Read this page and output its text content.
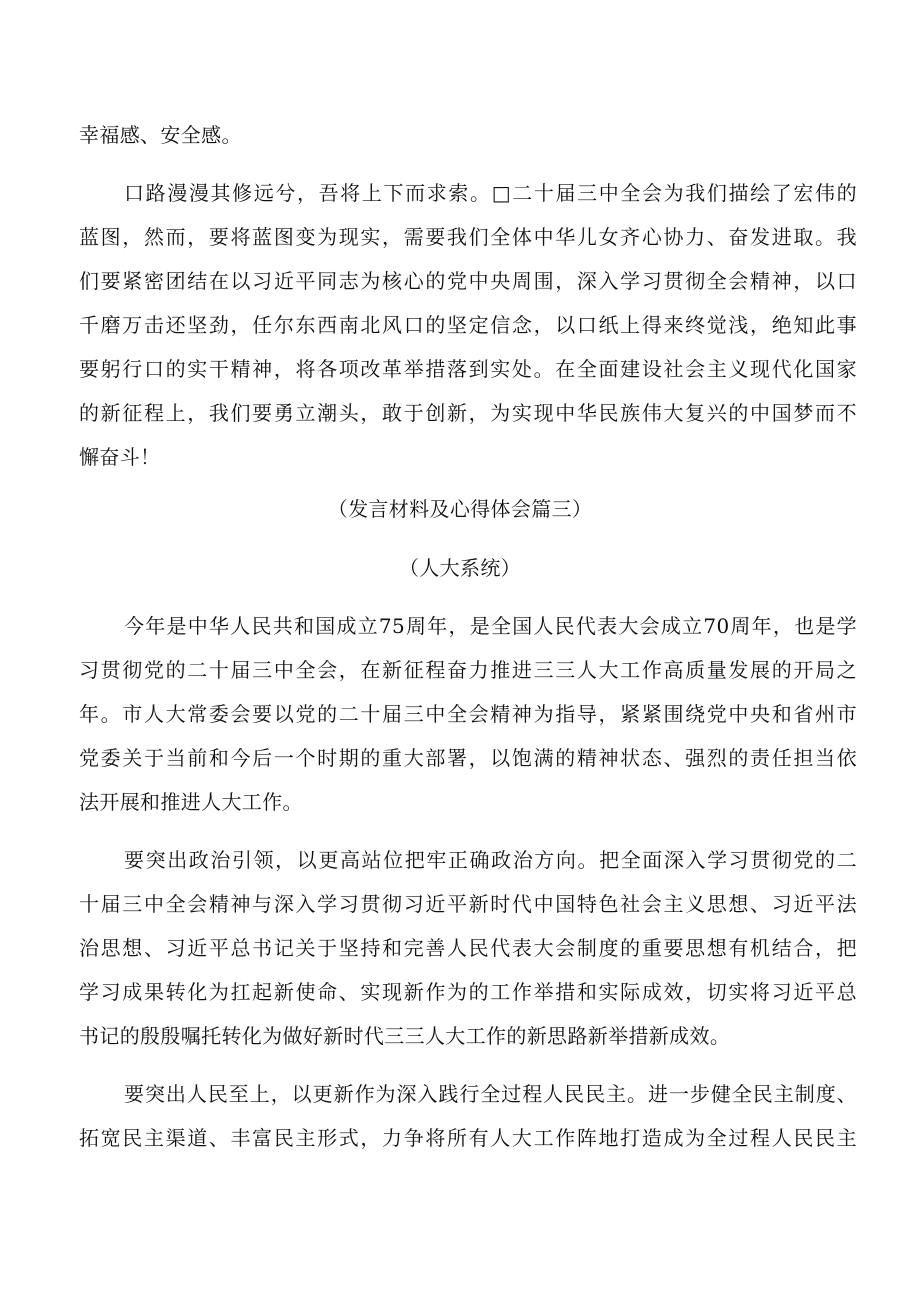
幸福感、安全感。
口路漫漫其修远兮，吾将上下而求索。□二十届三中全会为我们描绘了宏伟的
蓝图，然而，要将蓝图变为现实，需要我们全体中华儿女齐心协力、奋发进取。我
们要紧密团结在以习近平同志为核心的党中央周围，深入学习贯彻全会精神，以口
千磨万击还坚劲，任尔东西南北风口的坚定信念，以口纸上得来终觉浅，绝知此事
要躬行口的实干精神，将各项改革举措落到实处。在全面建设社会主义现代化国家
的新征程上，我们要勇立潮头，敢于创新，为实现中华民族伟大复兴的中国梦而不
懈奋斗！
（发言材料及心得体会篇三）
（人大系统）
今年是中华人民共和国成立75周年，是全国人民代表大会成立70周年，也是学
习贯彻党的二十届三中全会，在新征程奋力推进三三人大工作高质量发展的开局之
年。市人大常委会要以党的二十届三中全会精神为指导，紧紧围绕党中央和省州市
党委关于当前和今后一个时期的重大部署，以饱满的精神状态、强烈的责任担当依
法开展和推进人大工作。
要突出政治引领，以更高站位把牢正确政治方向。把全面深入学习贯彻党的二
十届三中全会精神与深入学习贯彻习近平新时代中国特色社会主义思想、习近平法
治思想、习近平总书记关于坚持和完善人民代表大会制度的重要思想有机结合，把
学习成果转化为扛起新使命、实现新作为的工作举措和实际成效，切实将习近平总
书记的殷殷嘱托转化为做好新时代三三人大工作的新思路新举措新成效。
要突出人民至上，以更新作为深入践行全过程人民民主。进一步健全民主制度、
拓宽民主渠道、丰富民主形式，力争将所有人大工作阵地打造成为全过程人民民主
